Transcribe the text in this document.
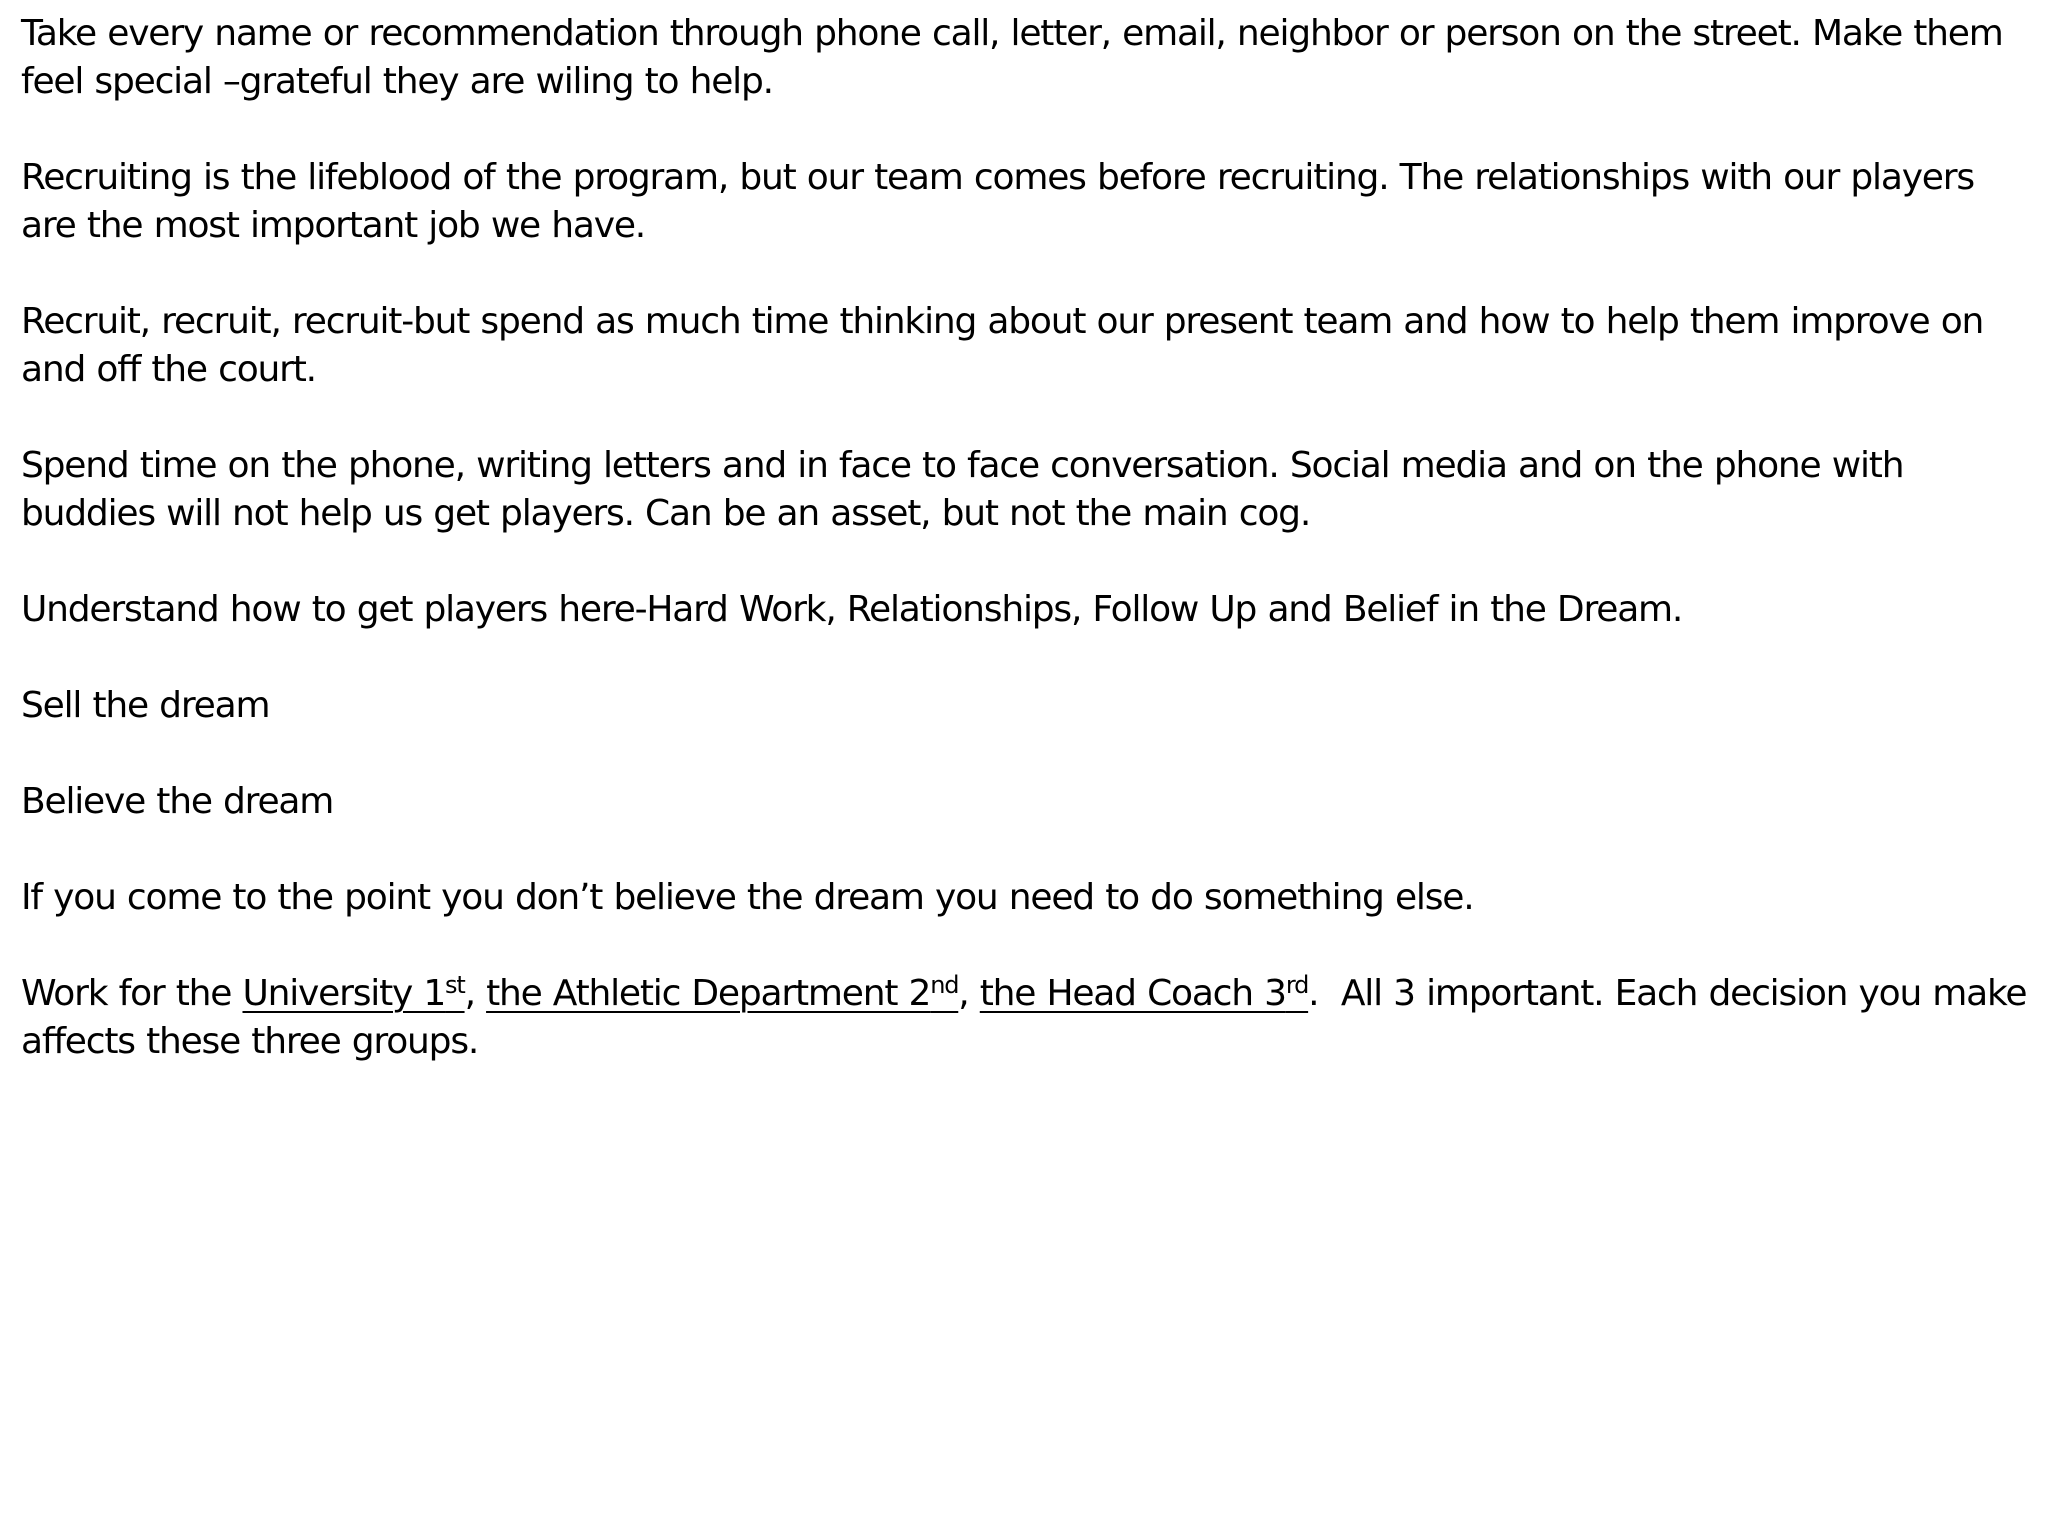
Take every name or recommendation through phone call, letter, email, neighbor or person on the street. Make them feel special –grateful they are wiling to help.

Recruiting is the lifeblood of the program, but our team comes before recruiting. The relationships with our players are the most important job we have.

Recruit, recruit, recruit-but spend as much time thinking about our present team and how to help them improve on and off the court.

Spend time on the phone, writing letters and in face to face conversation. Social media and on the phone with buddies will not help us get players. Can be an asset, but not the main cog.

Understand how to get players here-Hard Work, Relationships, Follow Up and Belief in the Dream.

Sell the dream

Believe the dream

If you come to the point you don’t believe the dream you need to do something else.

Work for the University 1st, the Athletic Department 2nd, the Head Coach 3rd.  All 3 important. Each decision you make affects these three groups.
